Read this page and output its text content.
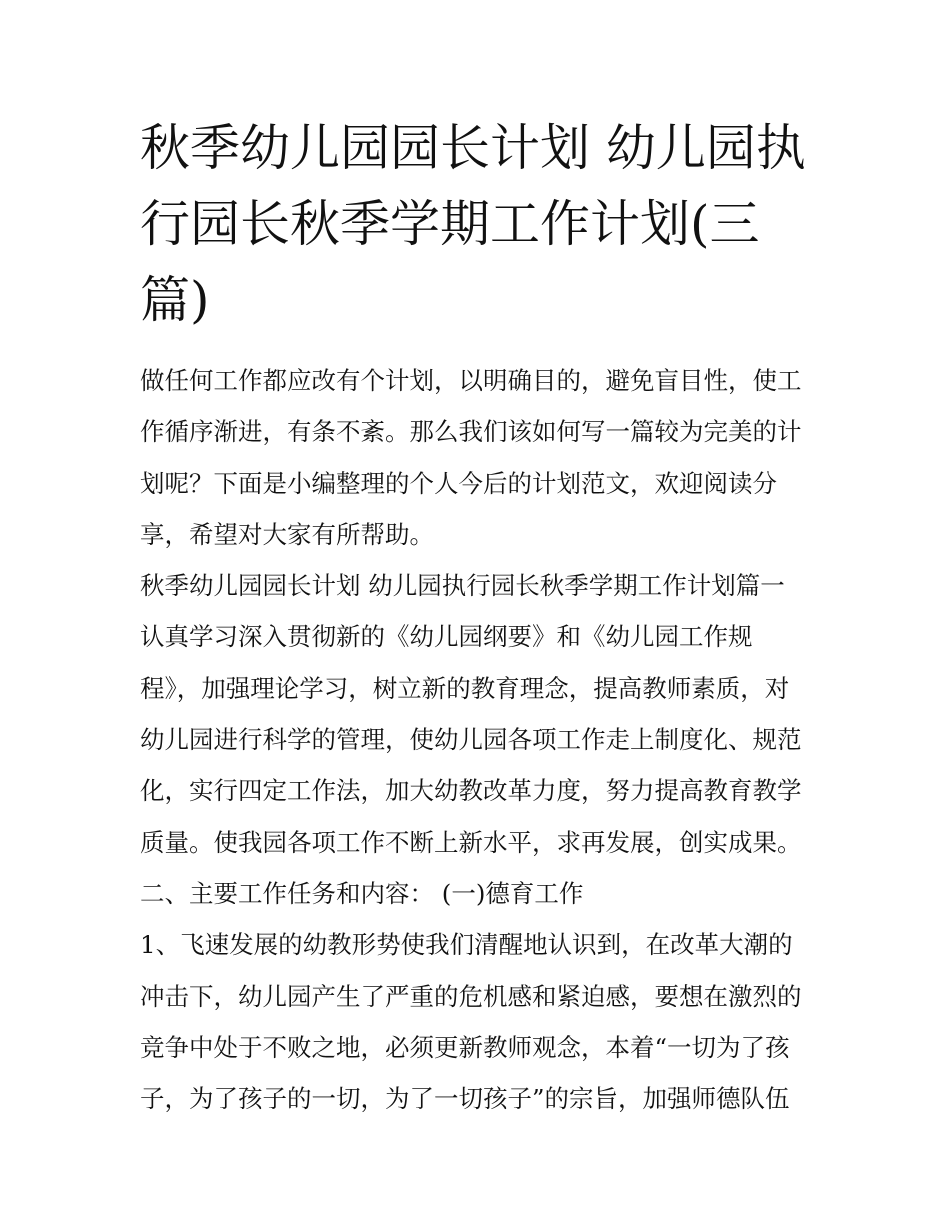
秋季幼儿园园长计划 幼儿园执
行园长秋季学期工作计划(三
篇)
做任何工作都应改有个计划，以明确目的，避免盲目性，使工
作循序渐进，有条不紊。那么我们该如何写一篇较为完美的计
划呢？下面是小编整理的个人今后的计划范文，欢迎阅读分
享，希望对大家有所帮助。
秋季幼儿园园长计划 幼儿园执行园长秋季学期工作计划篇一
认真学习深入贯彻新的《幼儿园纲要》和《幼儿园工作规
程》，加强理论学习，树立新的教育理念，提高教师素质，对
幼儿园进行科学的管理，使幼儿园各项工作走上制度化、规范
化，实行四定工作法，加大幼教改革力度，努力提高教育教学
质量。使我园各项工作不断上新水平，求再发展，创实成果。
二、主要工作任务和内容： (一)德育工作
1、飞速发展的幼教形势使我们清醒地认识到，在改革大潮的
冲击下，幼儿园产生了严重的危机感和紧迫感，要想在激烈的
竞争中处于不败之地，必须更新教师观念，本着“一切为了孩
子，为了孩子的一切，为了一切孩子”的宗旨，加强师德队伍
